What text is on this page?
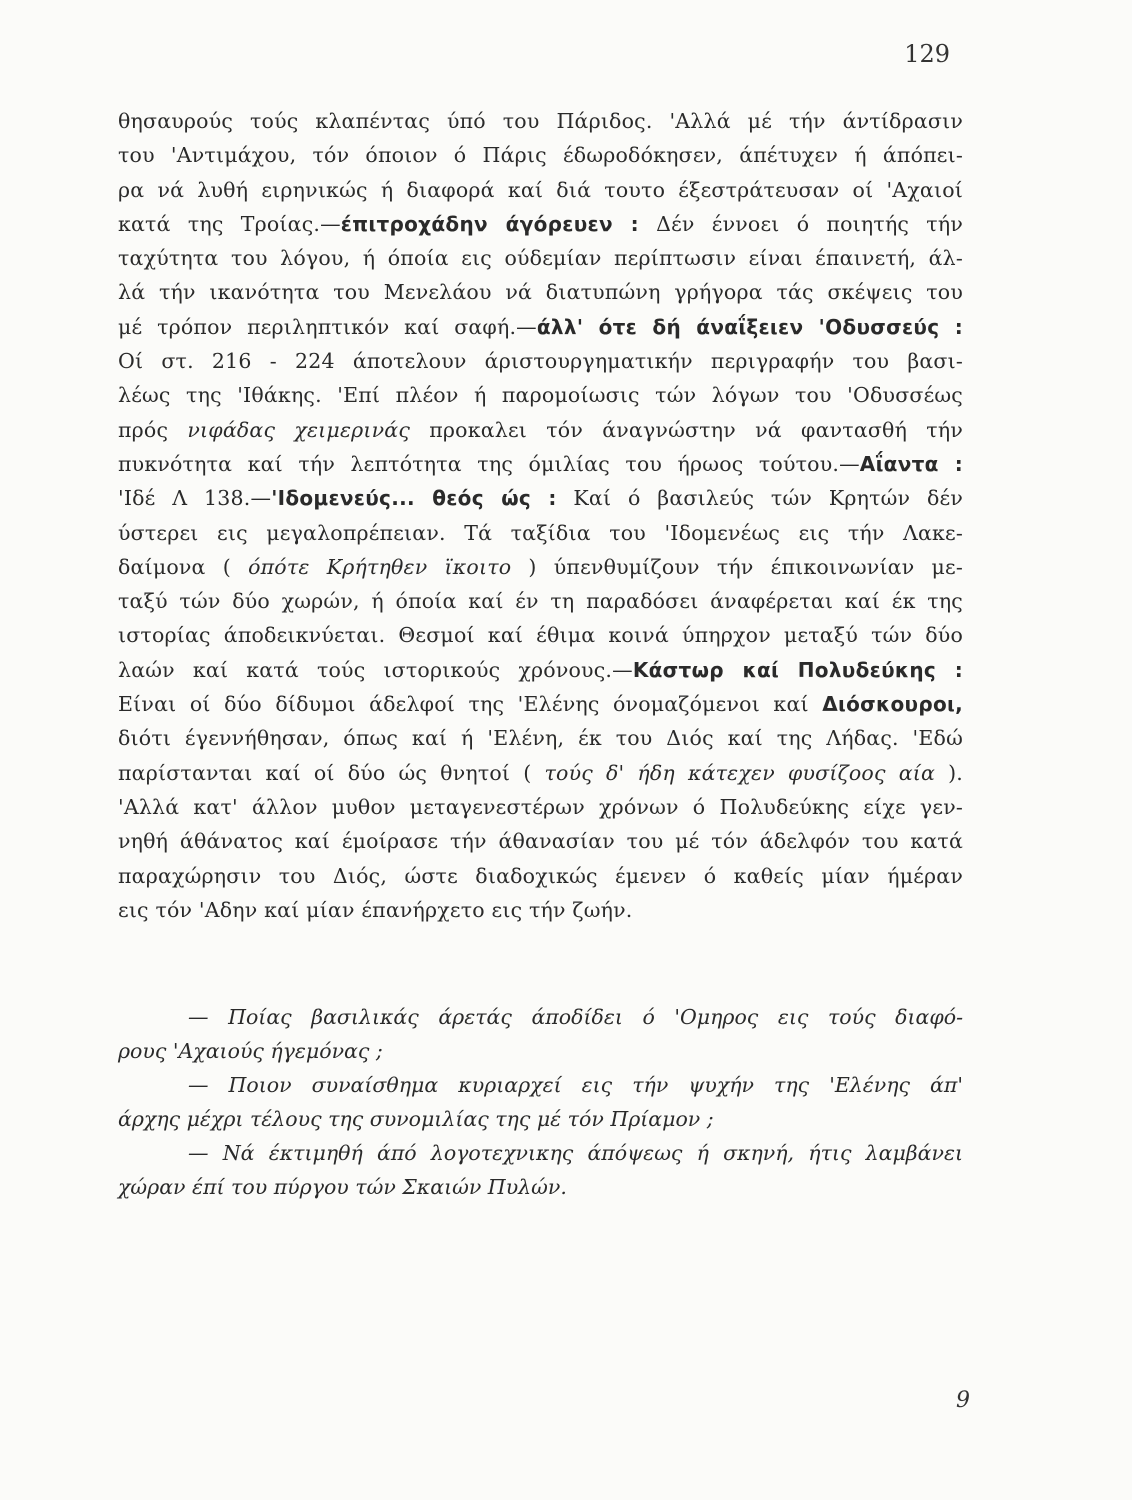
129
θησαυρούς τούς κλαπέντας ύπό του Πάριδος. 'Αλλά μέ τήν άντίδρασιν
του 'Αντιμάχου, τόν όποιον ό Πάρις έδωροδόκησεν, άπέτυχεν ή άπόπει-
ρα νά λυθή ειρηνικώς ή διαφορά καί διά τουτο έξεστράτευσαν οί 'Αχαιοί
κατά της Τροίας.—έπιτροχάδην άγόρευεν : Δέν έννοει ό ποιητής τήν
ταχύτητα του λόγου, ή όποία εις ούδεμίαν περίπτωσιν είναι έπαινετή, άλ-
λά τήν ικανότητα του Μενελάου νά διατυπώνη γρήγορα τάς σκέψεις του
μέ τρόπον περιληπτικόν καί σαφή.—άλλ' ότε δή άναΐξειεν 'Οδυσσεύς :
Οί στ. 216 - 224 άποτελουν άριστουργηματικήν περιγραφήν του βασι-
λέως της 'Ιθάκης. 'Επί πλέον ή παρομοίωσις τών λόγων του 'Οδυσσέως
πρός νιφάδας χειμερινάς προκαλει τόν άναγνώστην νά φαντασθή τήν
πυκνότητα καί τήν λεπτότητα της όμιλίας του ήρωος τούτου.—Αΐαντα :
'Ιδέ Λ 138.—'Ιδομενεύς... θεός ώς : Καί ό βασιλεύς τών Κρητών δέν
ύστερει εις μεγαλοπρέπειαν. Τά ταξίδια του 'Ιδομενέως εις τήν Λακε-
δαίμονα ( όπότε Κρήτηθεν ϊκοιτο ) ύπενθυμίζουν τήν έπικοινωνίαν με-
ταξύ τών δύο χωρών, ή όποία καί έν τη παραδόσει άναφέρεται καί έκ της
ιστορίας άποδεικνύεται. Θεσμοί καί έθιμα κοινά ύπηρχον μεταξύ τών δύο
λαών καί κατά τούς ιστορικούς χρόνους.—Κάστωρ καί Πολυδεύκης :
Είναι οί δύο δίδυμοι άδελφοί της 'Ελένης όνομαζόμενοι καί Διόσκουροι,
διότι έγεννήθησαν, όπως καί ή 'Ελένη, έκ του Διός καί της Λήδας. 'Εδώ
παρίστανται καί οί δύο ώς θνητοί ( τούς δ' ήδη κάτεχεν φυσίζοος αία ).
'Αλλά κατ' άλλον μυθον μεταγενεστέρων χρόνων ό Πολυδεύκης είχε γεν-
νηθή άθάνατος καί έμοίρασε τήν άθανασίαν του μέ τόν άδελφόν του κατά
παραχώρησιν του Διός, ώστε διαδοχικώς έμενεν ό καθείς μίαν ήμέραν
εις τόν 'Αδην καί μίαν έπανήρχετο εις τήν ζωήν.
— Ποίας βασιλικάς άρετάς άποδίδει ό 'Ομηρος εις τούς διαφό-
ρους 'Αχαιούς ήγεμόνας ;
— Ποιον συναίσθημα κυριαρχεί εις τήν ψυχήν της 'Ελένης άπ'
άρχης μέχρι τέλους της συνομιλίας της μέ τόν Πρίαμον ;
— Νά έκτιμηθή άπό λογοτεχνικης άπόψεως ή σκηνή, ήτις λαμβάνει
χώραν έπί του πύργου τών Σκαιών Πυλών.
9
